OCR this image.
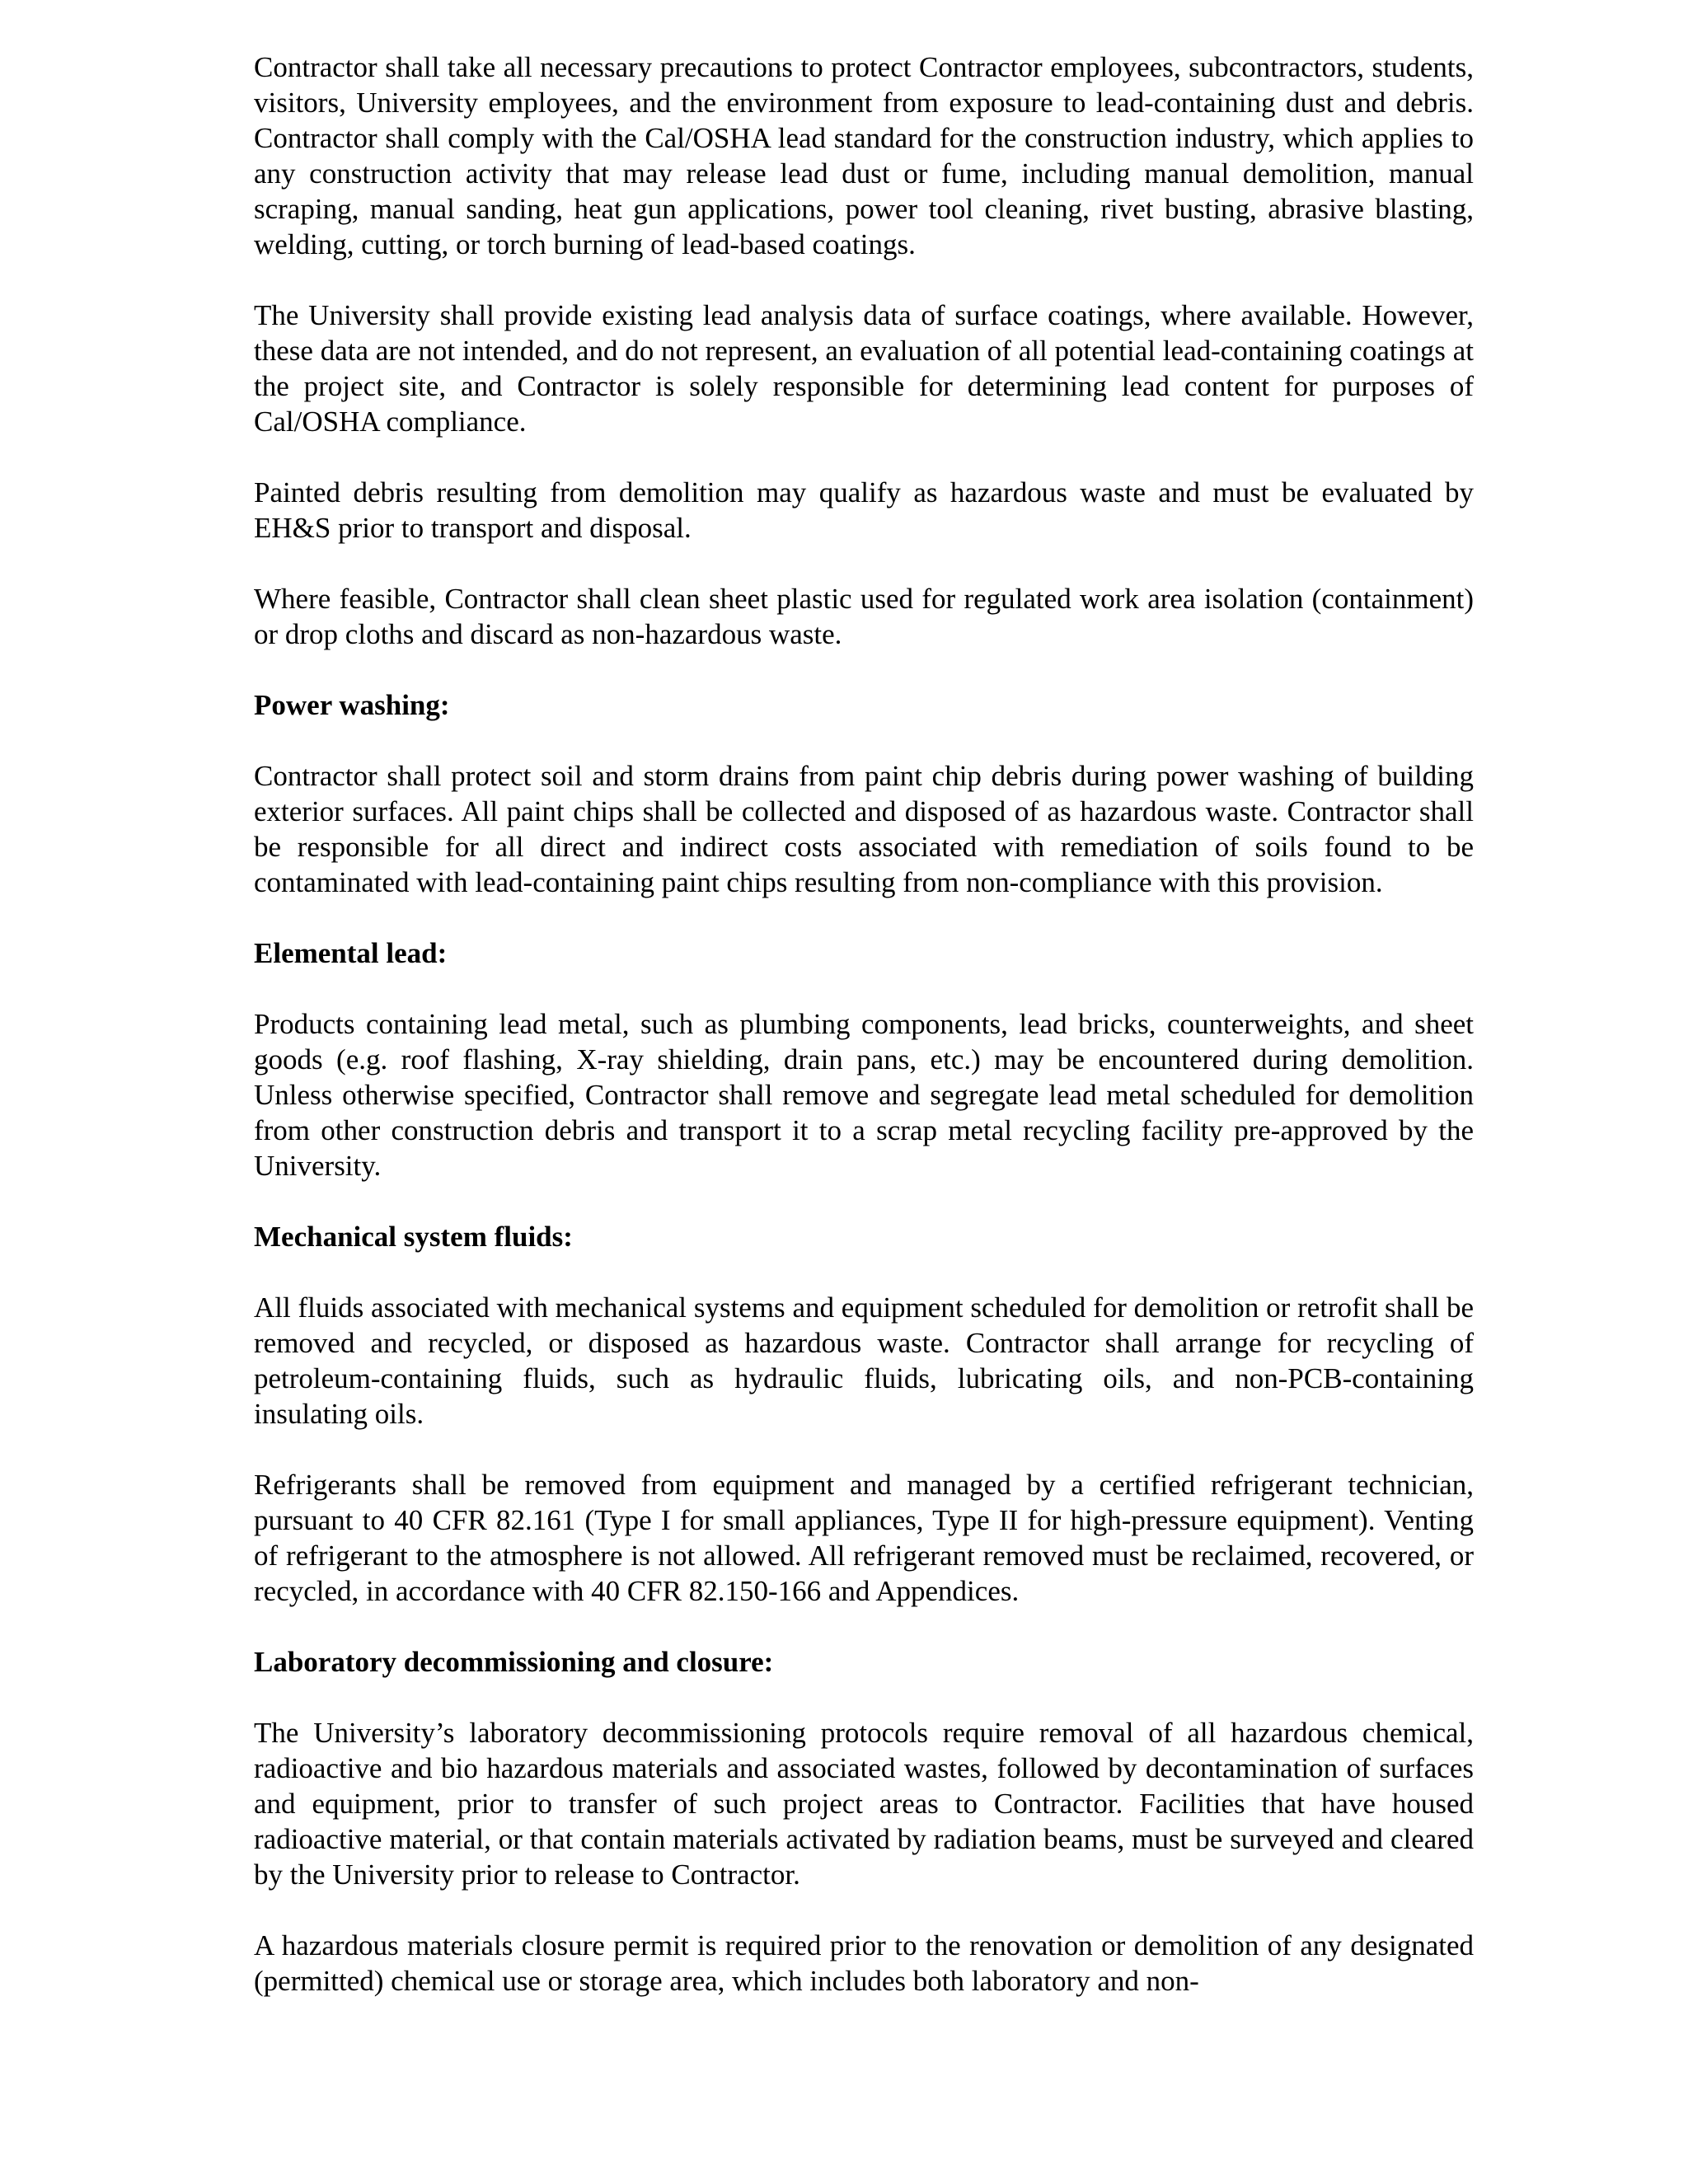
Contractor shall take all necessary precautions to protect Contractor employees, subcontractors, students, visitors, University employees, and the environment from exposure to lead-containing dust and debris. Contractor shall comply with the Cal/OSHA lead standard for the construction industry, which applies to any construction activity that may release lead dust or fume, including manual demolition, manual scraping, manual sanding, heat gun applications, power tool cleaning, rivet busting, abrasive blasting, welding, cutting, or torch burning of lead-based coatings.

The University shall provide existing lead analysis data of surface coatings, where available. However, these data are not intended, and do not represent, an evaluation of all potential lead-containing coatings at the project site, and Contractor is solely responsible for determining lead content for purposes of Cal/OSHA compliance.

Painted debris resulting from demolition may qualify as hazardous waste and must be evaluated by EH&S prior to transport and disposal.

Where feasible, Contractor shall clean sheet plastic used for regulated work area isolation (containment) or drop cloths and discard as non-hazardous waste.

Power washing:

Contractor shall protect soil and storm drains from paint chip debris during power washing of building exterior surfaces. All paint chips shall be collected and disposed of as hazardous waste. Contractor shall be responsible for all direct and indirect costs associated with remediation of soils found to be contaminated with lead-containing paint chips resulting from non-compliance with this provision.

Elemental lead:

Products containing lead metal, such as plumbing components, lead bricks, counterweights, and sheet goods (e.g. roof flashing, X-ray shielding, drain pans, etc.) may be encountered during demolition. Unless otherwise specified, Contractor shall remove and segregate lead metal scheduled for demolition from other construction debris and transport it to a scrap metal recycling facility pre-approved by the University.

Mechanical system fluids:

All fluids associated with mechanical systems and equipment scheduled for demolition or retrofit shall be removed and recycled, or disposed as hazardous waste. Contractor shall arrange for recycling of petroleum-containing fluids, such as hydraulic fluids, lubricating oils, and non-PCB-containing insulating oils.

Refrigerants shall be removed from equipment and managed by a certified refrigerant technician, pursuant to 40 CFR 82.161 (Type I for small appliances, Type II for high-pressure equipment). Venting of refrigerant to the atmosphere is not allowed. All refrigerant removed must be reclaimed, recovered, or recycled, in accordance with 40 CFR 82.150-166 and Appendices.

Laboratory decommissioning and closure:

The University’s laboratory decommissioning protocols require removal of all hazardous chemical, radioactive and bio hazardous materials and associated wastes, followed by decontamination of surfaces and equipment, prior to transfer of such project areas to Contractor. Facilities that have housed radioactive material, or that contain materials activated by radiation beams, must be surveyed and cleared by the University prior to release to Contractor.

A hazardous materials closure permit is required prior to the renovation or demolition of any designated (permitted) chemical use or storage area, which includes both laboratory and non-
